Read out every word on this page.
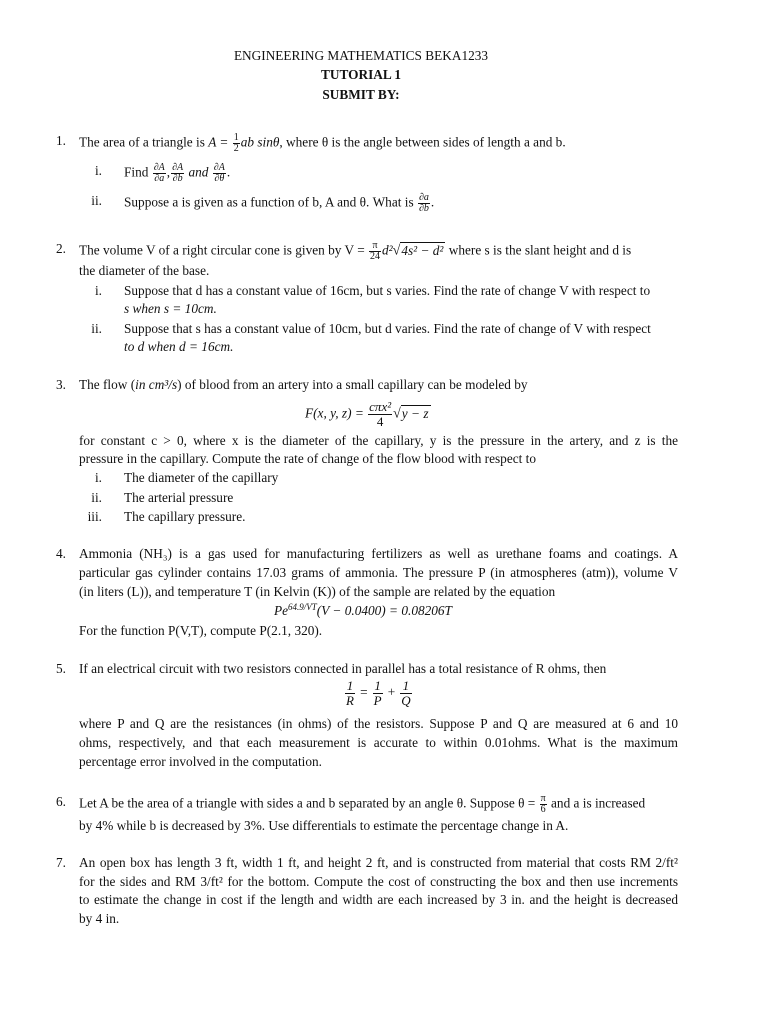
ENGINEERING MATHEMATICS BEKA1233
TUTORIAL 1
SUBMIT BY:
1. The area of a triangle is $A = \frac{1}{2}$ ab sinθ, where θ is the angle between sides of length a and b.
i. Find $\frac{\partial A}{\partial a}$ , $\frac{\partial A}{\partial b}$ and $\frac{\partial A}{\partial\theta}$ .
ii. Suppose a is given as a function of b, A and θ. What is $\frac{\partial a}{\partial b}$ .
2. The volume V of a right circular cone is given by $V = \frac{\pi}{24} d^2√4s^2 - d^2$ where s is the slant height and d is
the diameter of the base.
i. Suppose that d has a constant value of 16cm, but s varies. Find the rate of change V with respect to
s when s = 10cm.
ii. Suppose that s has a constant value of 10cm, but d varies. Find the rate of change of V with respect
to d when d = 16cm.
3. The flow (in cm³/s) of blood from an artery into a small capillary can be modeled by
F(x, y, $z) = \frac{\text{cπx²}}{4} √y - z$
for constant c > 0, where x is the diameter of the capillary, y is the pressure in the artery, and z is the
pressure in the capillary. Compute the rate of change of the flow blood with respect to
i. The diameter of the capillary
ii. The arterial pressure
iii. The capillary pressure.
4. Ammonia (NH₃) is a gas used for manufacturing fertilizers as well as urethane foams and coatings. A
particular gas cylinder contains 17.03 grams of ammonia. The pressure P (in atmospheres (atm)), volume V
(in liters (L)), and temperature T (in Kelvin (K)) of the sample are related by the equation
$Pe^{64.9/VT}(V - 0.0400) = 0.08206T$
For the function P(V,T), compute P(2.1, 320).
5. If an electrical circuit with two resistors connected in parallel has a total resistance of R ohms, then
$\frac{1}{R} = \frac{1}{P} + \frac{1}{Q}$
where P and Q are the resistances (in ohms) of the resistors. Suppose P and Q are measured at 6 and 10
ohms, respectively, and that each measurement is accurate to within 0.01ohms. What is the maximum
percentage error involved in the computation.
6. Let A be the area of a triangle with sides a and b separated by an angle θ. Suppose $\theta = \frac{\pi}{6}$ and a is increased
by 4% while b is decreased by 3%. Use differentials to estimate the percentage change in A.
7. An open box has length 3 ft, width 1 ft, and height 2 ft, and is constructed from material that costs RM 2/ft²
for the sides and RM 3/ft² for the bottom. Compute the cost of constructing the box and then use increments
to estimate the change in cost if the length and width are each increased by 3 in. and the height is decreased
by 4 in.
